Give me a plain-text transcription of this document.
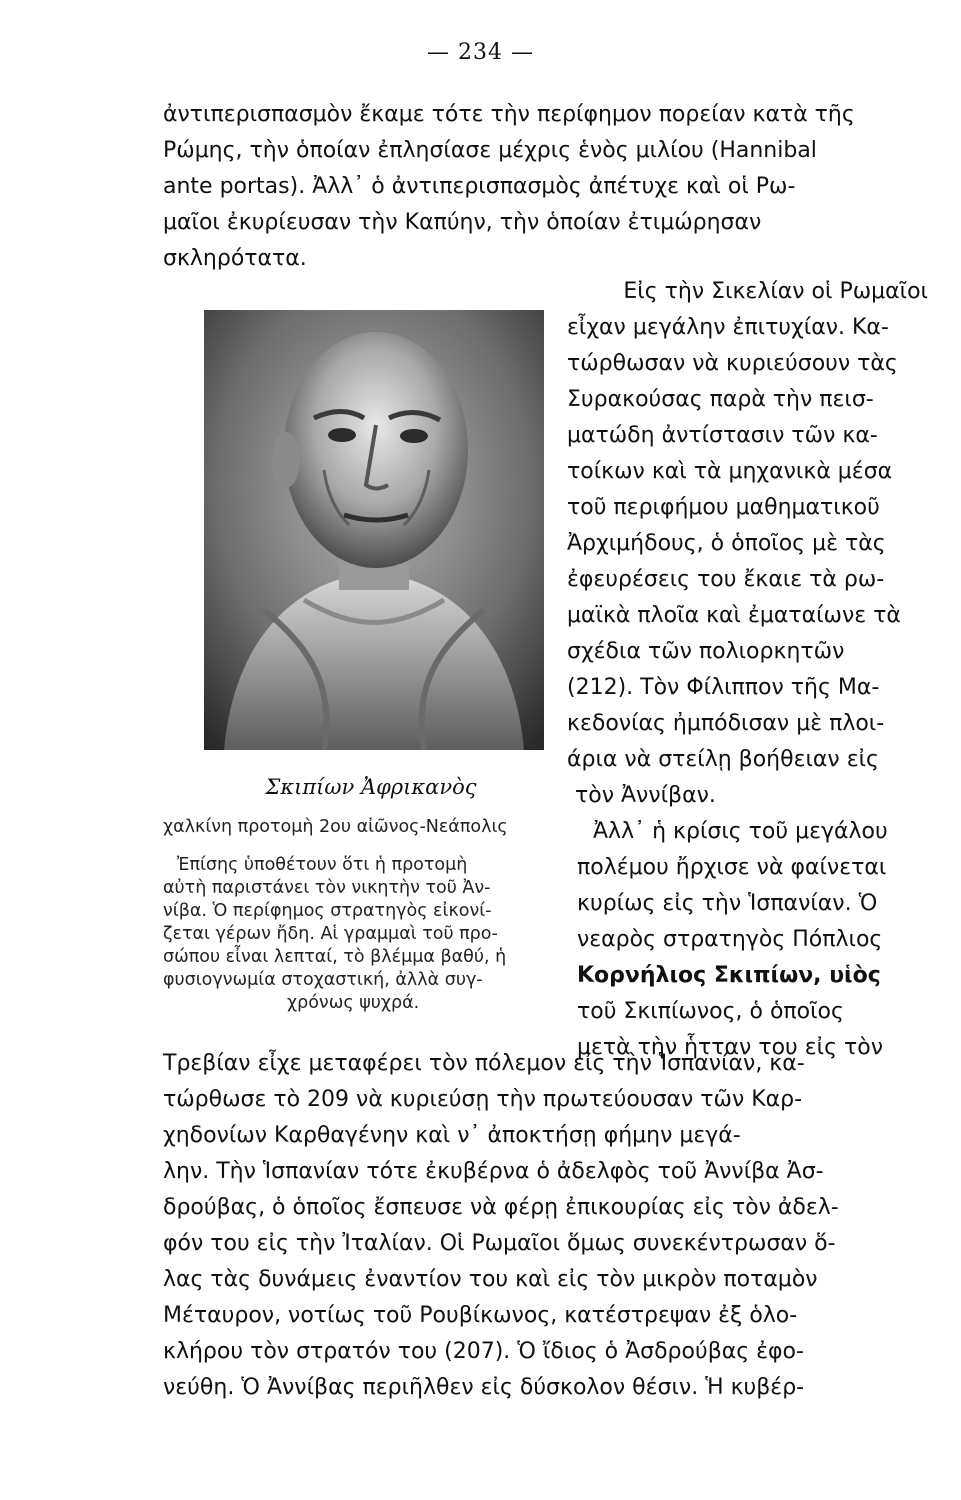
— 234 —
ἀντιπερισπασμὸν ἔκαμε τότε τὴν περίφημον πορείαν κατὰ τῆς
Ρώμης, τὴν ὁποίαν ἐπλησίασε μέχρις ἑνὸς μιλίου (Hannibal
ante portas). Ἀλλ᾽ ὁ ἀντιπερισπασμὸς ἀπέτυχε καὶ οἱ Ρω-
μαῖοι ἐκυρίευσαν τὴν Καπύην, τὴν ὁποίαν ἐτιμώρησαν
σκληρότατα.
Εἰς τὴν Σικελίαν οἱ Ρωμαῖοι
εἶχαν μεγάλην ἐπιτυχίαν. Κα-
τώρθωσαν νὰ κυριεύσουν τὰς
Συρακούσας παρὰ τὴν πεισ-
ματώδη ἀντίστασιν τῶν κα-
τοίκων καὶ τὰ μηχανικὰ μέσα
τοῦ περιφήμου μαθηματικοῦ
Ἀρχιμήδους, ὁ ὁποῖος μὲ τὰς
ἐφευρέσεις του ἔκαιε τὰ ρω-
μαϊκὰ πλοῖα καὶ ἐματαίωνε τὰ
σχέδια τῶν πολιορκητῶν
(212). Τὸν Φίλιππον τῆς Μα-
κεδονίας ἠμπόδισαν μὲ πλοι-
άρια νὰ στείλῃ βοήθειαν εἰς
τὸν Ἀννίβαν.
Ἀλλ᾽ ἡ κρίσις τοῦ μεγάλου
πολέμου ἤρχισε νὰ φαίνεται
κυρίως εἰς τὴν Ἱσπανίαν. Ὁ
νεαρὸς στρατηγὸς Πόπλιος
Κορνήλιος Σκιπίων, υἱὸς
τοῦ Σκιπίωνος, ὁ ὁποῖος
μετὰ τὴν ἧτταν του εἰς τὸν
Σκιπίων Ἀφρικανὸς
χαλκίνη προτομὴ 2ου αἰῶνος-Νεάπολις
Ἐπίσης ὑποθέτουν ὅτι ἡ προτομὴ
αὐτὴ παριστάνει τὸν νικητὴν τοῦ Ἀν-
νίβα. Ὁ περίφημος στρατηγὸς εἰκονί-
ζεται γέρων ἤδη. Αἱ γραμμαὶ τοῦ προ-
σώπου εἶναι λεπταί, τὸ βλέμμα βαθύ, ἡ
φυσιογνωμία στοχαστική, ἀλλὰ συγ-
χρόνως ψυχρά.
Τρεβίαν εἶχε μεταφέρει τὸν πόλεμον εἰς τὴν Ἱσπανίαν, κα-
τώρθωσε τὸ 209 νὰ κυριεύσῃ τὴν πρωτεύουσαν τῶν Καρ-
χηδονίων Καρθαγένην καὶ ν᾽ ἀποκτήσῃ φήμην μεγά-
λην. Τὴν Ἱσπανίαν τότε ἐκυβέρνα ὁ ἀδελφὸς τοῦ Ἀννίβα Ἀσ-
δρούβας, ὁ ὁποῖος ἔσπευσε νὰ φέρῃ ἐπικουρίας εἰς τὸν ἀδελ-
φόν του εἰς τὴν Ἰταλίαν. Οἱ Ρωμαῖοι ὅμως συνεκέντρωσαν ὅ-
λας τὰς δυνάμεις ἐναντίον του καὶ εἰς τὸν μικρὸν ποταμὸν
Μέταυρον, νοτίως τοῦ Ρουβίκωνος, κατέστρεψαν ἐξ ὁλο-
κλήρου τὸν στρατόν του (207). Ὁ ἴδιος ὁ Ἀσδρούβας ἐφο-
νεύθη. Ὁ Ἀννίβας περιῆλθεν εἰς δύσκολον θέσιν. Ἡ κυβέρ-
